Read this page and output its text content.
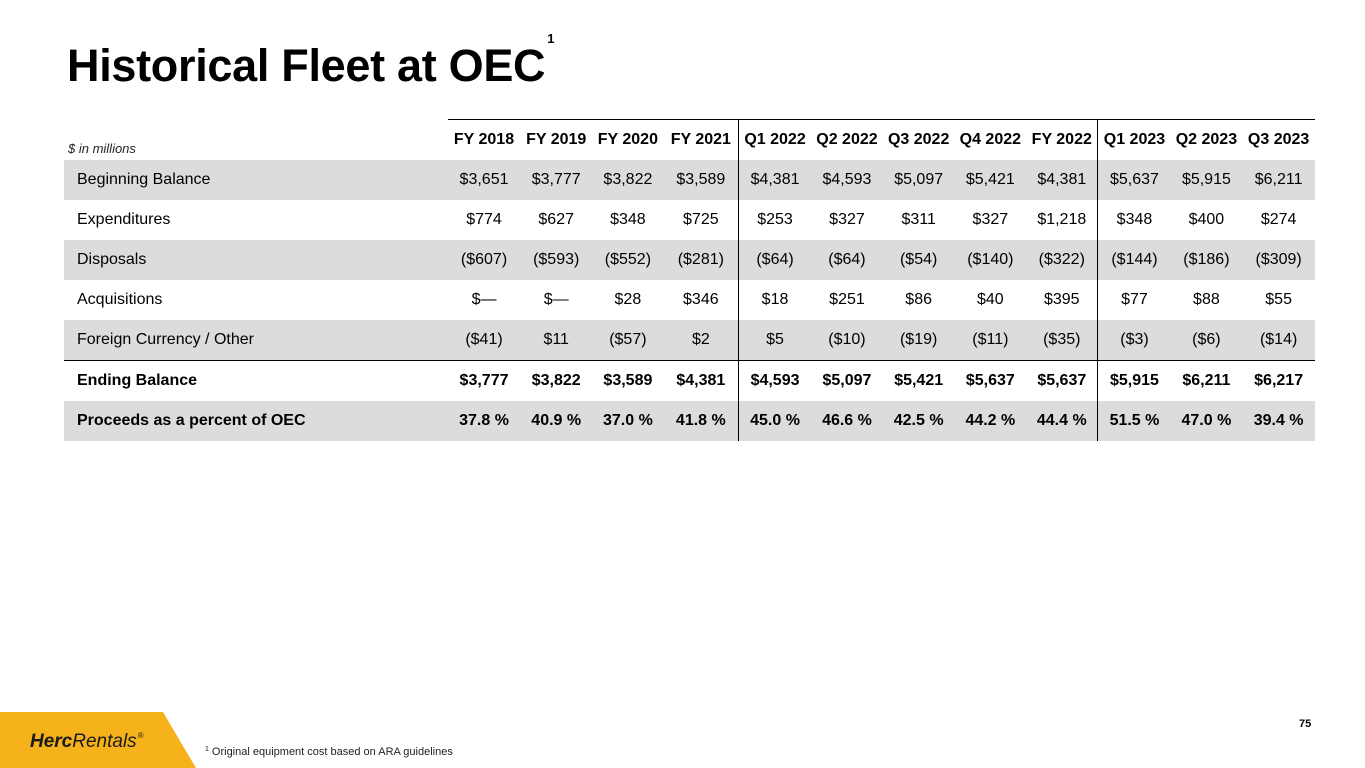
Historical Fleet at OEC$^1$
$ in millions
	FY 2018	FY 2019	FY 2020	FY 2021	Q1 2022	Q2 2022	Q3 2022	Q4 2022	FY 2022	Q1 2023	Q2 2023	Q3 2023
Beginning Balance	$3,651	$3,777	$3,822	$3,589	$4,381	$4,593	$5,097	$5,421	$4,381	$5,637	$5,915	$6,211
Expenditures	$774	$627	$348	$725	$253	$327	$311	$327	$1,218	$348	$400	$274
Disposals	($607)	($593)	($552)	($281)	($64)	($64)	($54)	($140)	($322)	($144)	($186)	($309)
Acquisitions	$—	$—	$28	$346	$18	$251	$86	$40	$395	$77	$88	$55
Foreign Currency / Other	($41)	$11	($57)	$2	$5	($10)	($19)	($11)	($35)	($3)	($6)	($14)
Ending Balance	$3,777	$3,822	$3,589	$4,381	$4,593	$5,097	$5,421	$5,637	$5,637	$5,915	$6,211	$6,217
Proceeds as a percent of OEC	37.8 %	40.9 %	37.0 %	41.8 %	45.0 %	46.6 %	42.5 %	44.2 %	44.4 %	51.5 %	47.0 %	39.4 %
HercRentals®
$^1$ Original equipment cost based on ARA guidelines
75
